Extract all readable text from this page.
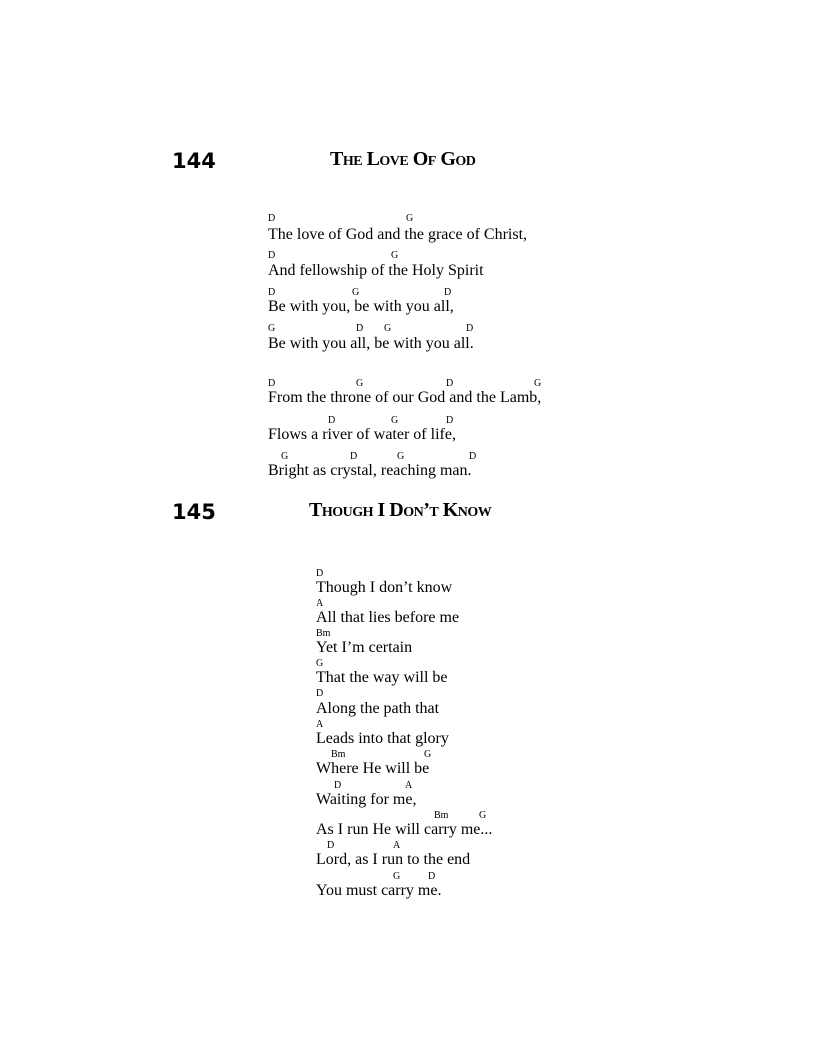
144	The Love Of God
D	G
The love of God and the grace of Christ,
D	G
And fellowship of the Holy Spirit
D	G	D
Be with you, be with you all,
G	D G	D
Be with you all, be with you all.
D	G	D	G
From the throne of our God and the Lamb,
D	G	D
Flows a river of water of life,
G	D	G	D
Bright as crystal, reaching man.
145	Though I Don’t Know
D
Though I don’t know
A
All that lies before me
Bm
Yet I’m certain
G
That the way will be
D
Along the path that
A
Leads into that glory
Bm	G
Where He will be
D	A
Waiting for me,
Bm	G
As I run He will carry me...
D	A
Lord, as I run to the end
G	D
You must carry me.
